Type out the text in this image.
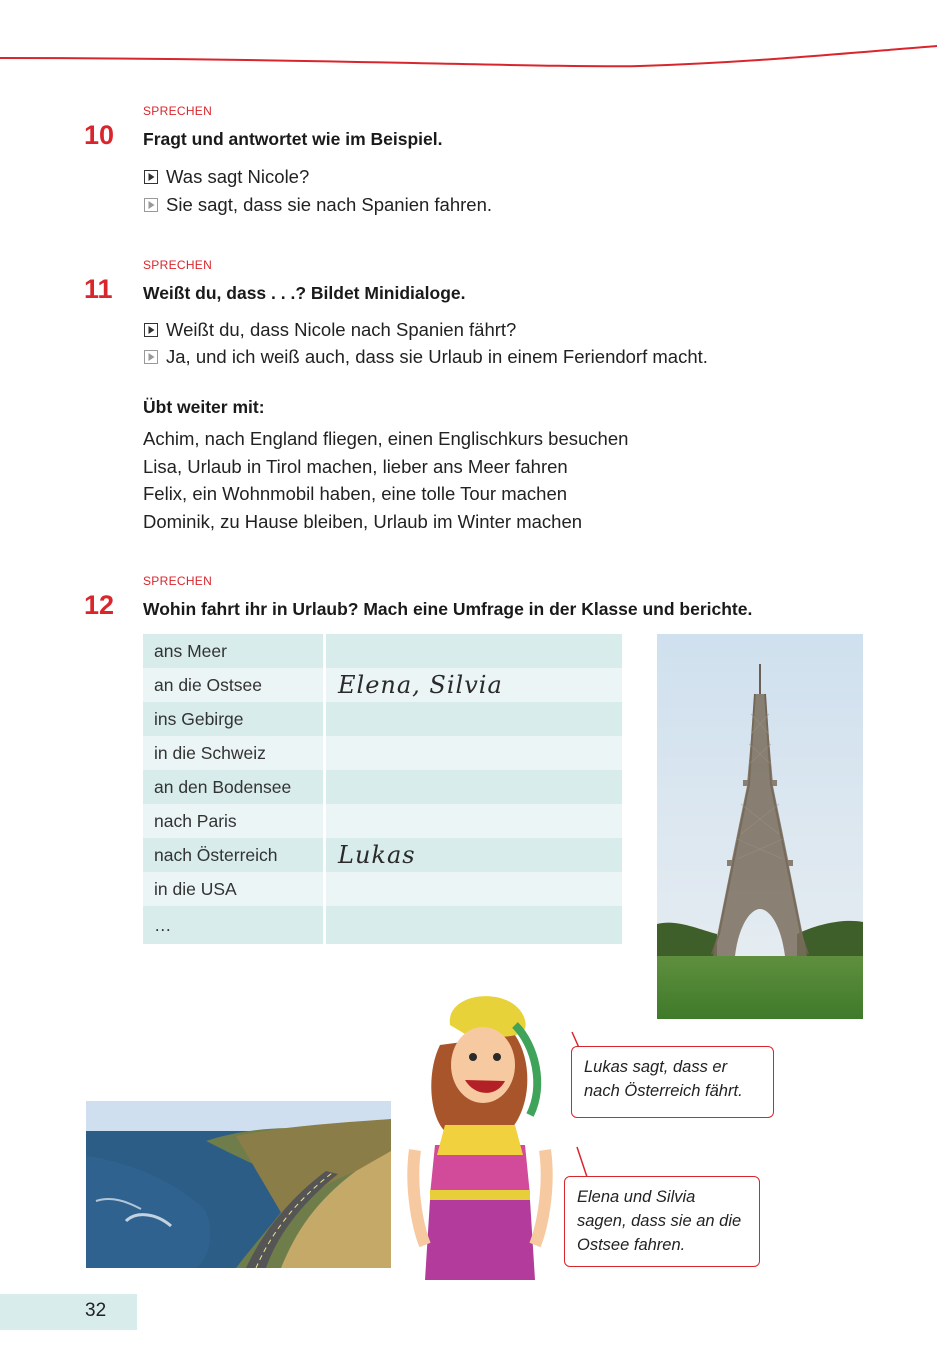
SPRECHEN
10 Fragt und antwortet wie im Beispiel.
Was sagt Nicole?
Sie sagt, dass sie nach Spanien fahren.
SPRECHEN
11 Weißt du, dass . . .? Bildet Minidialoge.
Weißt du, dass Nicole nach Spanien fährt?
Ja, und ich weiß auch, dass sie Urlaub in einem Feriendorf macht.
Übt weiter mit:
Achim, nach England fliegen, einen Englischkurs besuchen
Lisa, Urlaub in Tirol machen, lieber ans Meer fahren
Felix, ein Wohnmobil haben, eine tolle Tour machen
Dominik, zu Hause bleiben, Urlaub im Winter machen
SPRECHEN
12 Wohin fahrt ihr in Urlaub? Mach eine Umfrage in der Klasse und berichte.
ans Meer
an die Ostsee	Elena, Silvia
ins Gebirge
in die Schweiz
an den Bodensee
nach Paris
nach Österreich	Lukas
in die USA
…
Lukas sagt, dass er nach Österreich fährt.
Elena und Silvia sagen, dass sie an die Ostsee fahren.
32
